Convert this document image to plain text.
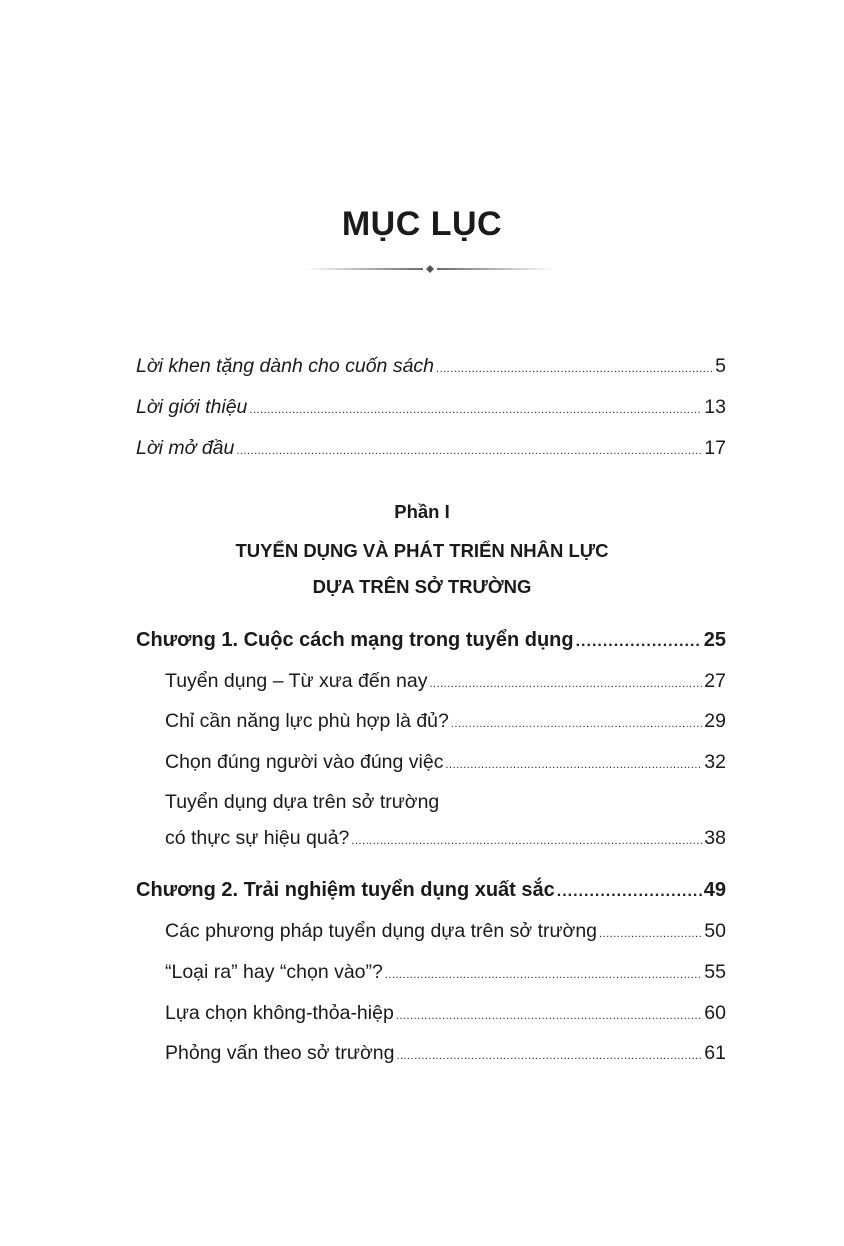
MỤC LỤC
Lời khen tặng dành cho cuốn sách .....	5
Lời giới thiệu .....	13
Lời mở đầu .....	17
Phần I
TUYỂN DỤNG VÀ PHÁT TRIỂN NHÂN LỰC
DỰA TRÊN SỞ TRƯỜNG
Chương 1. Cuộc cách mạng trong tuyển dụng .....	25
Tuyển dụng – Từ xưa đến nay .....	27
Chỉ cần năng lực phù hợp là đủ? .....	29
Chọn đúng người vào đúng việc .....	32
Tuyển dụng dựa trên sở trường
có thực sự hiệu quả? .....	38
Chương 2. Trải nghiệm tuyển dụng xuất sắc .....	49
Các phương pháp tuyển dụng dựa trên sở trường .....	50
“Loại ra” hay “chọn vào”? .....	55
Lựa chọn không-thỏa-hiệp .....	60
Phỏng vấn theo sở trường .....	61
